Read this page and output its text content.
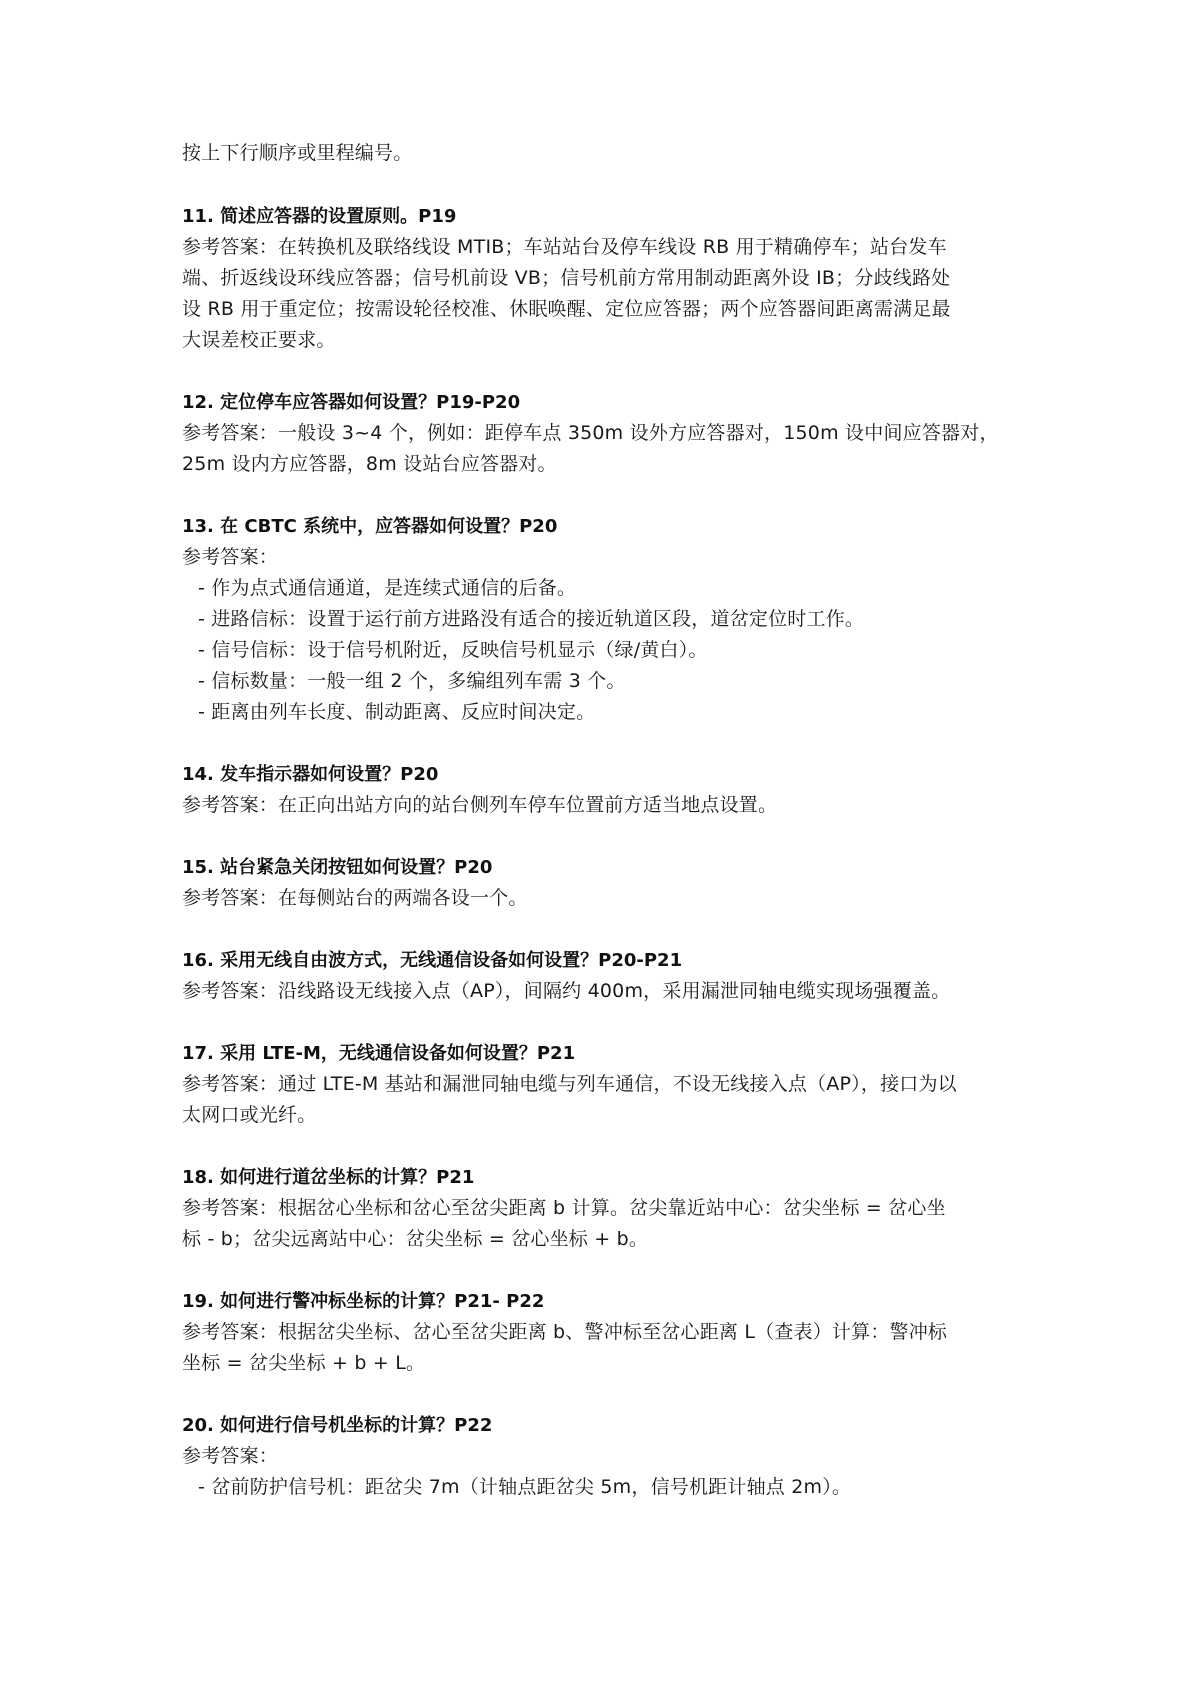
按上下行顺序或里程编号。
11. 简述应答器的设置原则。P19
参考答案：在转换机及联络线设 MTIB；车站站台及停车线设 RB 用于精确停车；站台发车
端、折返线设环线应答器；信号机前设 VB；信号机前方常用制动距离外设 IB；分歧线路处
设 RB 用于重定位；按需设轮径校准、休眠唤醒、定位应答器；两个应答器间距离需满足最
大误差校正要求。
12. 定位停车应答器如何设置？P19-P20
参考答案：一般设 3~4 个，例如：距停车点 350m 设外方应答器对，150m 设中间应答器对，
25m 设内方应答器，8m 设站台应答器对。
13. 在 CBTC 系统中，应答器如何设置？P20
参考答案：
- 作为点式通信通道，是连续式通信的后备。
- 进路信标：设置于运行前方进路没有适合的接近轨道区段，道岔定位时工作。
- 信号信标：设于信号机附近，反映信号机显示（绿/黄白）。
- 信标数量：一般一组 2 个，多编组列车需 3 个。
- 距离由列车长度、制动距离、反应时间决定。
14. 发车指示器如何设置？P20
参考答案：在正向出站方向的站台侧列车停车位置前方适当地点设置。
15. 站台紧急关闭按钮如何设置？P20
参考答案：在每侧站台的两端各设一个。
16. 采用无线自由波方式，无线通信设备如何设置？P20-P21
参考答案：沿线路设无线接入点（AP），间隔约 400m，采用漏泄同轴电缆实现场强覆盖。
17. 采用 LTE-M，无线通信设备如何设置？P21
参考答案：通过 LTE-M 基站和漏泄同轴电缆与列车通信，不设无线接入点（AP），接口为以
太网口或光纤。
18. 如何进行道岔坐标的计算？P21
参考答案：根据岔心坐标和岔心至岔尖距离 b 计算。岔尖靠近站中心：岔尖坐标 = 岔心坐
标 - b；岔尖远离站中心：岔尖坐标 = 岔心坐标 + b。
19. 如何进行警冲标坐标的计算？P21- P22
参考答案：根据岔尖坐标、岔心至岔尖距离 b、警冲标至岔心距离 L（查表）计算：警冲标
坐标 = 岔尖坐标 + b + L。
20. 如何进行信号机坐标的计算？P22
参考答案：
- 岔前防护信号机：距岔尖 7m（计轴点距岔尖 5m，信号机距计轴点 2m）。
